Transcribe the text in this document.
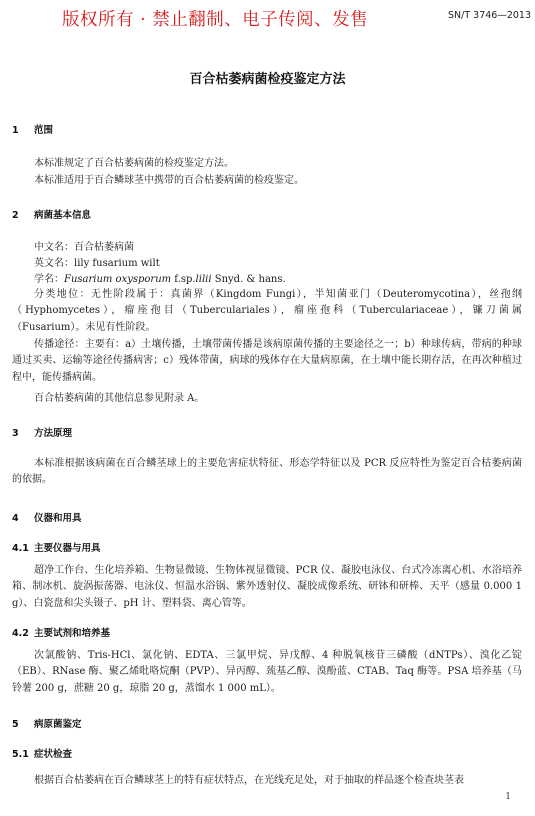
版权所有 · 禁止翻制、电子传阅、发售	SN/T 3746—2013
百合枯萎病菌检疫鉴定方法
1 范围
本标准规定了百合枯萎病菌的检疫鉴定方法。
本标准适用于百合鳞球茎中携带的百合枯萎病菌的检疫鉴定。
2 病菌基本信息
中文名：百合枯萎病菌
英文名：lily fusarium wilt
学名：Fusarium oxysporum f.sp.lilii Snyd. & hans.
分类地位：无性阶段属于：真菌界（Kingdom Fungi），半知菌亚门（Deuteromycotina），丝孢纲（Hyphomycetes），瘤座孢目（Tuberculariales），瘤座孢科（Tuberculariaceae），镰刀菌属（Fusarium）。未见有性阶段。
传播途径：主要有：a）土壤传播，土壤带菌传播是该病原菌传播的主要途径之一；b）种球传病，带病的种球通过买卖、运输等途径传播病害；c）残体带菌，病球的残体存在大量病原菌，在土壤中能长期存活，在再次种植过程中，能传播病菌。
百合枯萎病菌的其他信息参见附录 A。
3 方法原理
本标准根据该病菌在百合鳞茎球上的主要危害症状特征、形态学特征以及 PCR 反应特性为鉴定百合枯萎病菌的依据。
4 仪器和用具
4.1 主要仪器与用具
超净工作台、生化培养箱、生物显微镜、生物体视显微镜、PCR 仪、凝胶电泳仪、台式冷冻离心机、水浴培养箱、制冰机、旋涡振荡器、电泳仪、恒温水浴锅、紫外透射仪、凝胶成像系统、研钵和研棒、天平（感量 0.000 1 g）、白瓷盘和尖头镊子、pH 计、塑料袋、离心管等。
4.2 主要试剂和培养基
次氯酸钠、Tris-HCl、氯化钠、EDTA、三氯甲烷、异戊醇、4 种脱氧核苷三磷酸（dNTPs）、溴化乙锭（EB）、RNase 酶、聚乙烯吡咯烷酮（PVP）、异丙醇、巯基乙醇、溴酚蓝、CTAB、Taq 酶等。PSA 培养基（马铃薯 200 g，蔗糖 20 g，琼脂 20 g，蒸馏水 1 000 mL）。
5 病原菌鉴定
5.1 症状检查
根据百合枯萎病在百合鳞球茎上的特有症状特点，在光线充足处，对于抽取的样品逐个检查块茎表
1
